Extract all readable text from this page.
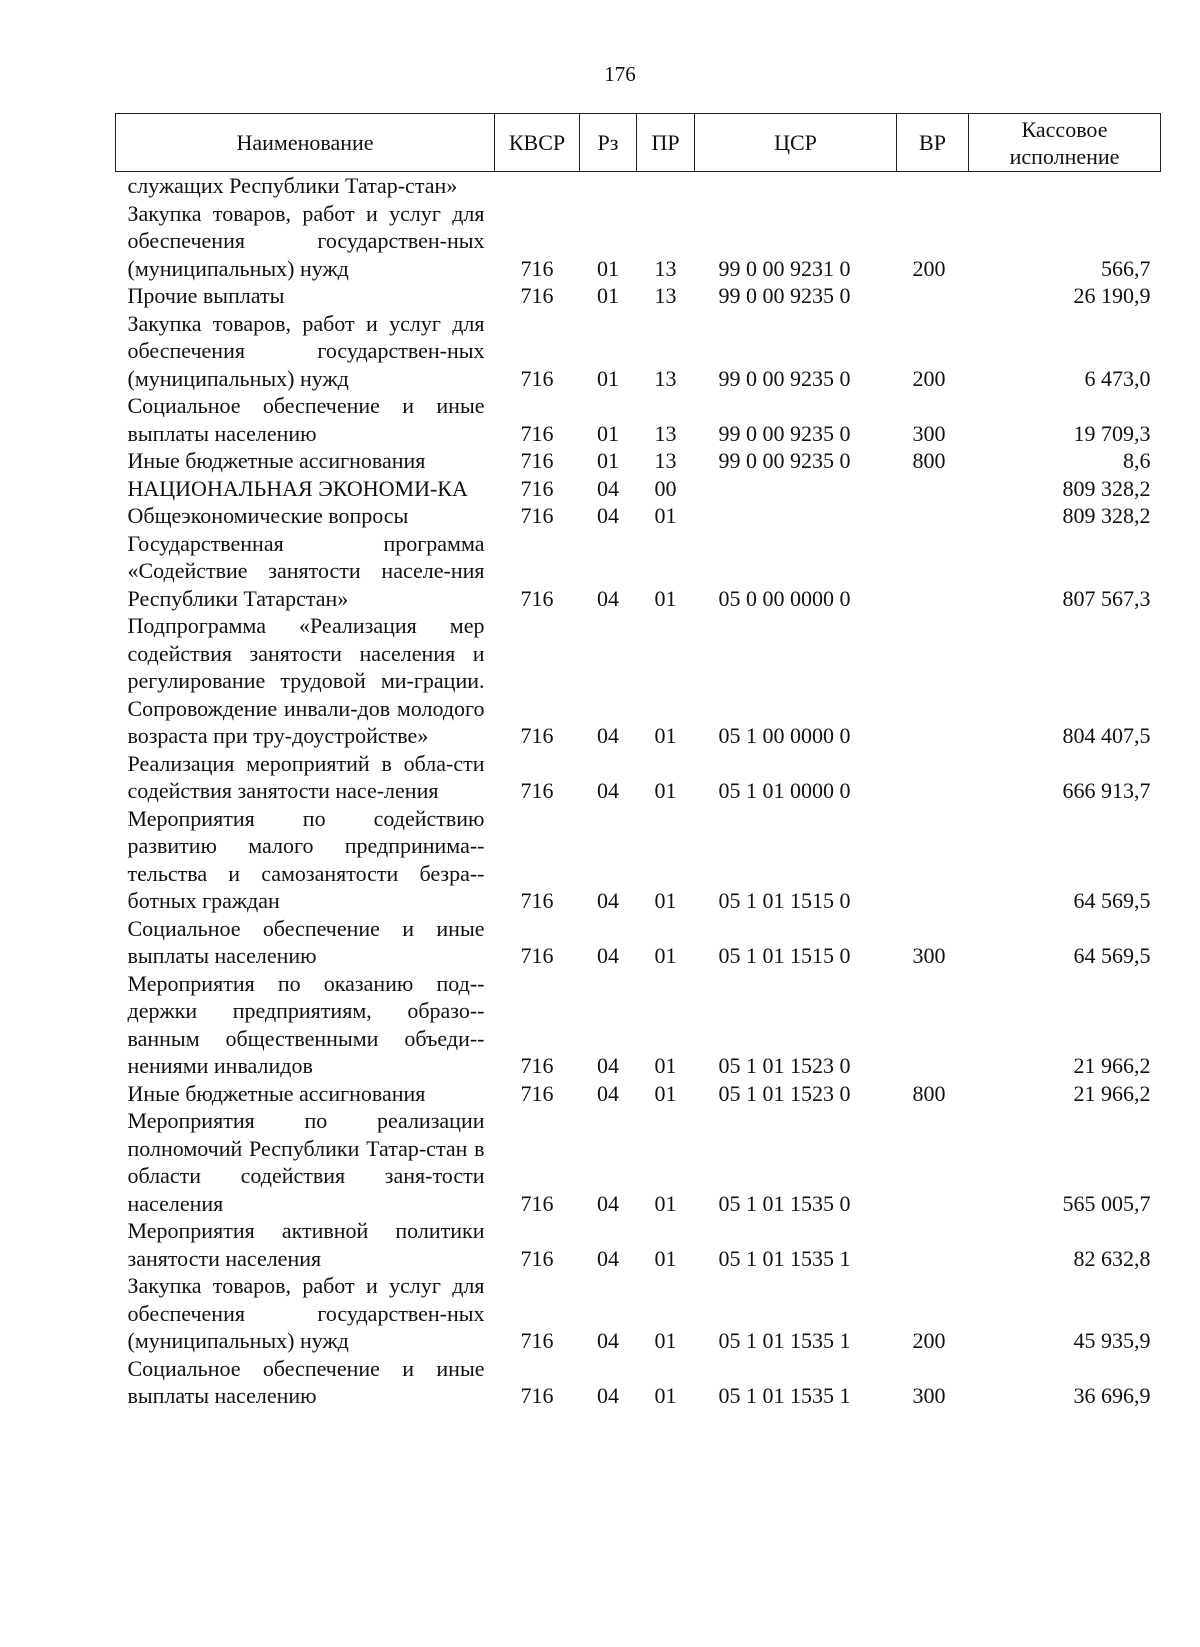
176
Наименование	КВСР	Рз	ПР	ЦСР	ВР	Кассовое
исполнение
служащих Республики Татар-стан»						
Закупка товаров, работ и услуг для обеспечения государствен-ных (муниципальных) нужд	716	01	13	99 0 00 9231 0	200	566,7
Прочие выплаты	716	01	13	99 0 00 9235 0		26 190,9
Закупка товаров, работ и услуг для обеспечения государствен-ных (муниципальных) нужд	716	01	13	99 0 00 9235 0	200	6 473,0
Социальное обеспечение и иные выплаты населению	716	01	13	99 0 00 9235 0	300	19 709,3
Иные бюджетные ассигнования	716	01	13	99 0 00 9235 0	800	8,6
НАЦИОНАЛЬНАЯ ЭКОНОМИ-КА	716	04	00			809 328,2
Общеэкономические вопросы	716	04	01			809 328,2
Государственная программа «Содействие занятости населе-ния Республики Татарстан»	716	04	01	05 0 00 0000 0		807 567,3
Подпрограмма «Реализация мер содействия занятости населения и регулирование трудовой ми-грации. Сопровождение инвали-дов молодого возраста при тру-доустройстве»	716	04	01	05 1 00 0000 0		804 407,5
Реализация мероприятий в обла-сти содействия занятости насе-ления	716	04	01	05 1 01 0000 0		666 913,7
Мероприятия по содействию развитию малого предпринима-тельства и самозанятости безра-ботных граждан	716	04	01	05 1 01 1515 0		64 569,5
Социальное обеспечение и иные выплаты населению	716	04	01	05 1 01 1515 0	300	64 569,5
Мероприятия по оказанию под-держки предприятиям, образо-ванным общественными объеди-нениями инвалидов	716	04	01	05 1 01 1523 0		21 966,2
Иные бюджетные ассигнования	716	04	01	05 1 01 1523 0	800	21 966,2
Мероприятия по реализации полномочий Республики Татар-стан в области содействия заня-тости населения	716	04	01	05 1 01 1535 0		565 005,7
Мероприятия активной политики занятости населения	716	04	01	05 1 01 1535 1		82 632,8
Закупка товаров, работ и услуг для обеспечения государствен-ных (муниципальных) нужд	716	04	01	05 1 01 1535 1	200	45 935,9
Социальное обеспечение и иные выплаты населению	716	04	01	05 1 01 1535 1	300	36 696,9
